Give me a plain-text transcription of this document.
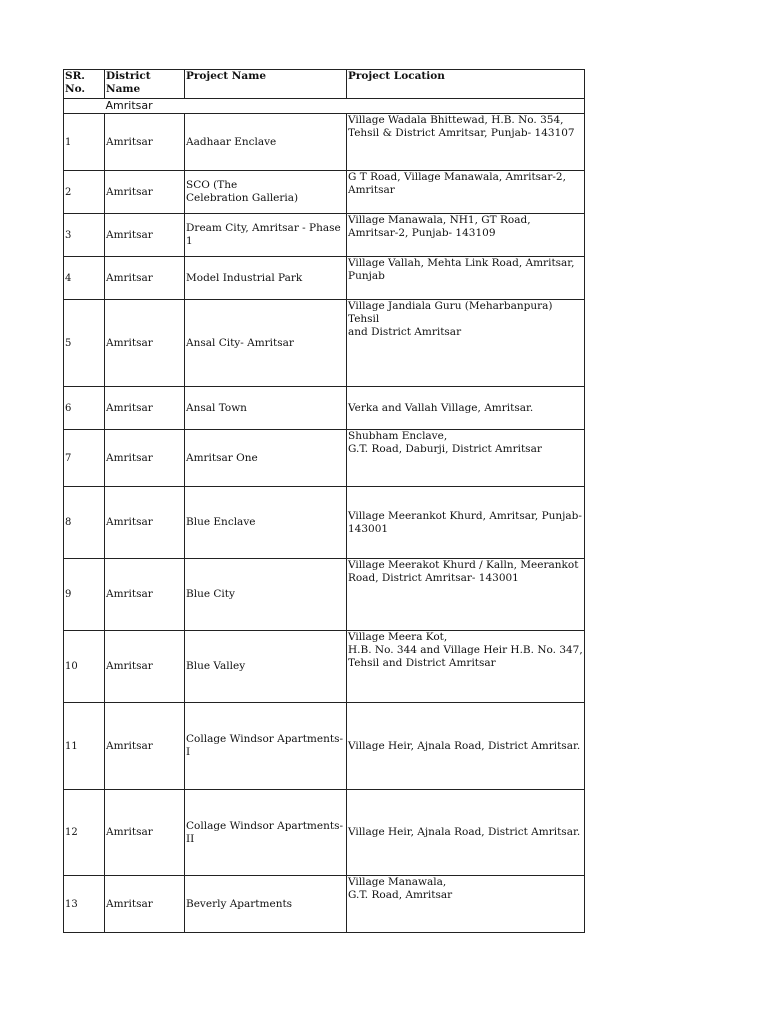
SR.
No.	District
Name	Project Name	Project Location
	Amritsar		
1	Amritsar	Aadhaar Enclave	Village Wadala Bhittewad, H.B. No. 354,
Tehsil & District Amritsar, Punjab- 143107
2	Amritsar	SCO (The
Celebration Galleria)	G T Road, Village Manawala, Amritsar-2,
Amritsar
3	Amritsar	Dream City, Amritsar - Phase 1	Village Manawala, NH1, GT Road,
Amritsar-2, Punjab- 143109
4	Amritsar	Model Industrial Park	Village Vallah, Mehta Link Road, Amritsar,
Punjab
5	Amritsar	Ansal City- Amritsar	Village Jandiala Guru (Meharbanpura) Tehsil
and District Amritsar
6	Amritsar	Ansal Town	Verka and Vallah Village, Amritsar.
7	Amritsar	Amritsar One	Shubham Enclave,
G.T. Road, Daburji, District Amritsar
8	Amritsar	Blue Enclave	Village Meerankot Khurd, Amritsar, Punjab-
143001
9	Amritsar	Blue City	Village Meerakot Khurd / Kalln, Meerankot
Road, District Amritsar- 143001
10	Amritsar	Blue Valley	Village Meera Kot,
H.B. No. 344 and Village Heir H.B. No. 347,
Tehsil and District Amritsar
11	Amritsar	Collage Windsor Apartments- I	Village Heir, Ajnala Road, District Amritsar.
12	Amritsar	Collage Windsor Apartments- II	Village Heir, Ajnala Road, District Amritsar.
13	Amritsar	Beverly Apartments	Village Manawala,
G.T. Road, Amritsar
